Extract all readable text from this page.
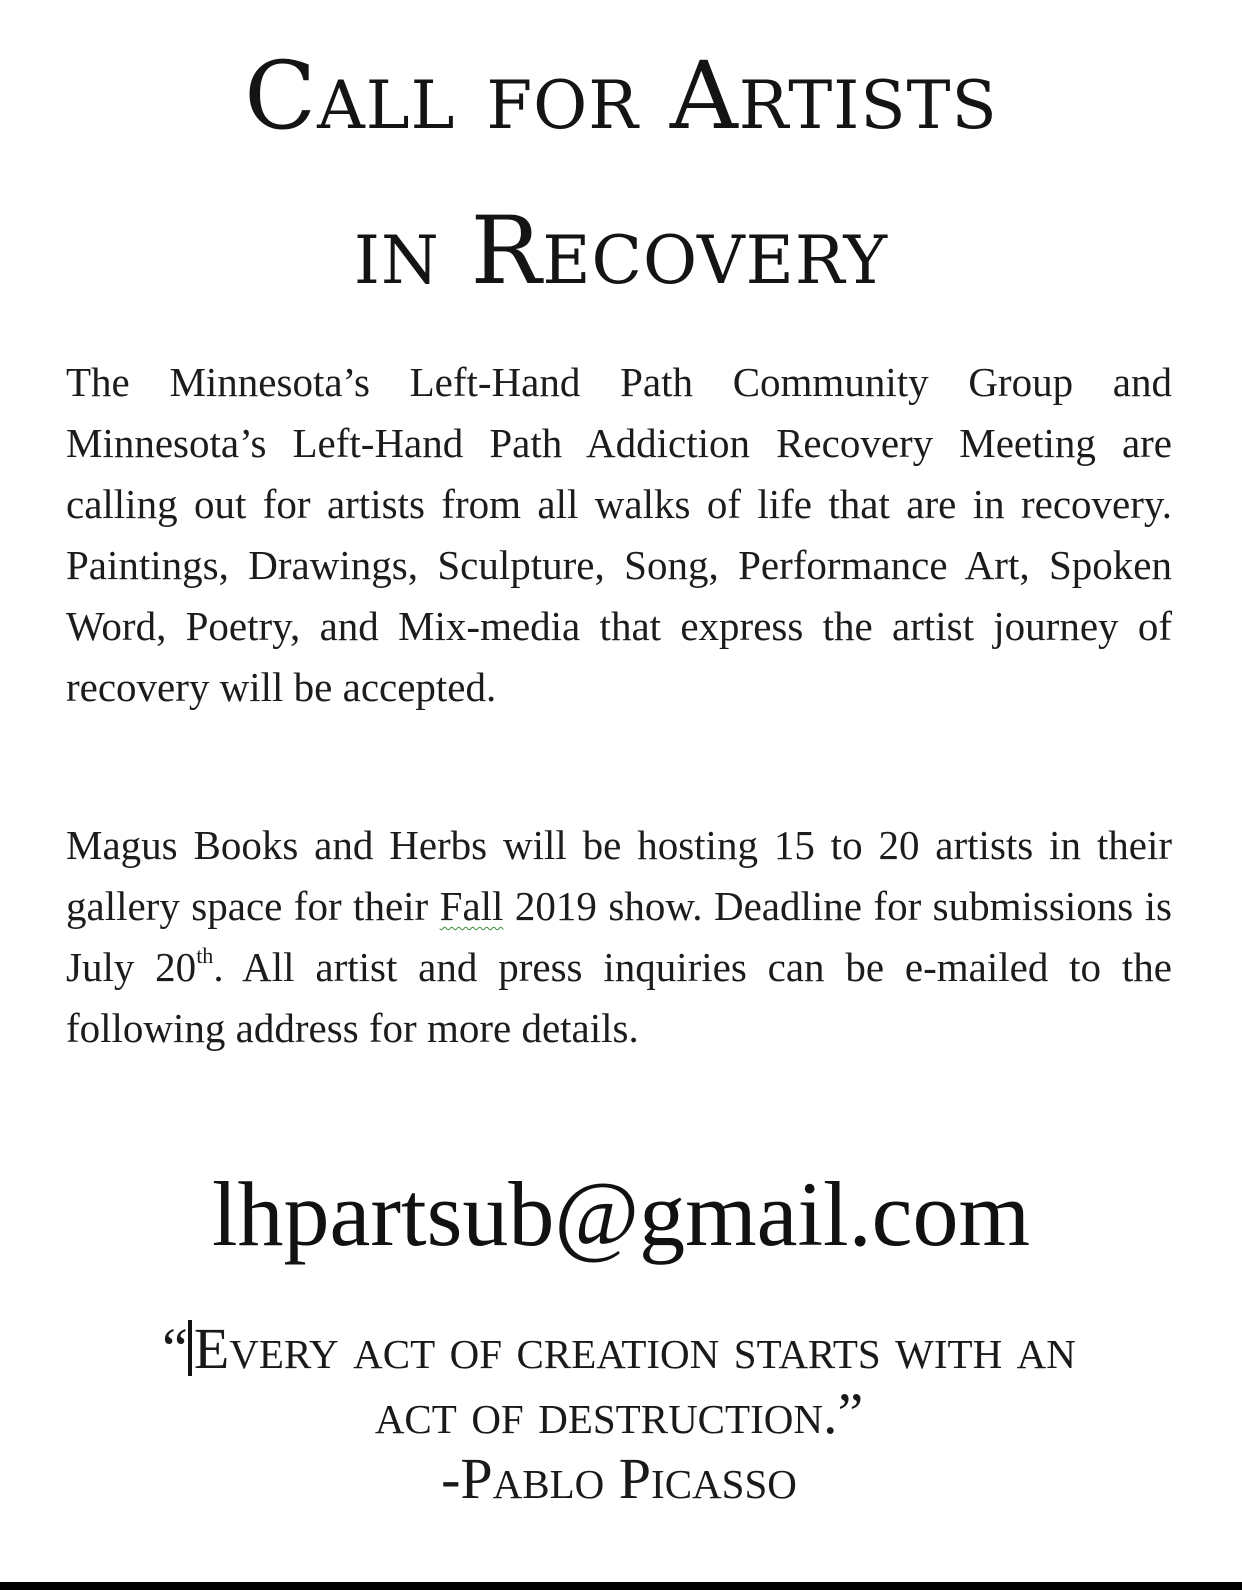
Call for Artists
in Recovery

The Minnesota’s Left-Hand Path Community Group and Minnesota’s Left-Hand Path Addiction Recovery Meeting are calling out for artists from all walks of life that are in recovery. Paintings, Drawings, Sculpture, Song, Performance Art, Spoken Word, Poetry, and Mix-media that express the artist journey of recovery will be accepted.

Magus Books and Herbs will be hosting 15 to 20 artists in their gallery space for their Fall 2019 show. Deadline for submissions is July 20th. All artist and press inquiries can be e-mailed to the following address for more details.

lhpartsub@gmail.com

“ Every act of creation starts with an
act of destruction.”
-Pablo Picasso
